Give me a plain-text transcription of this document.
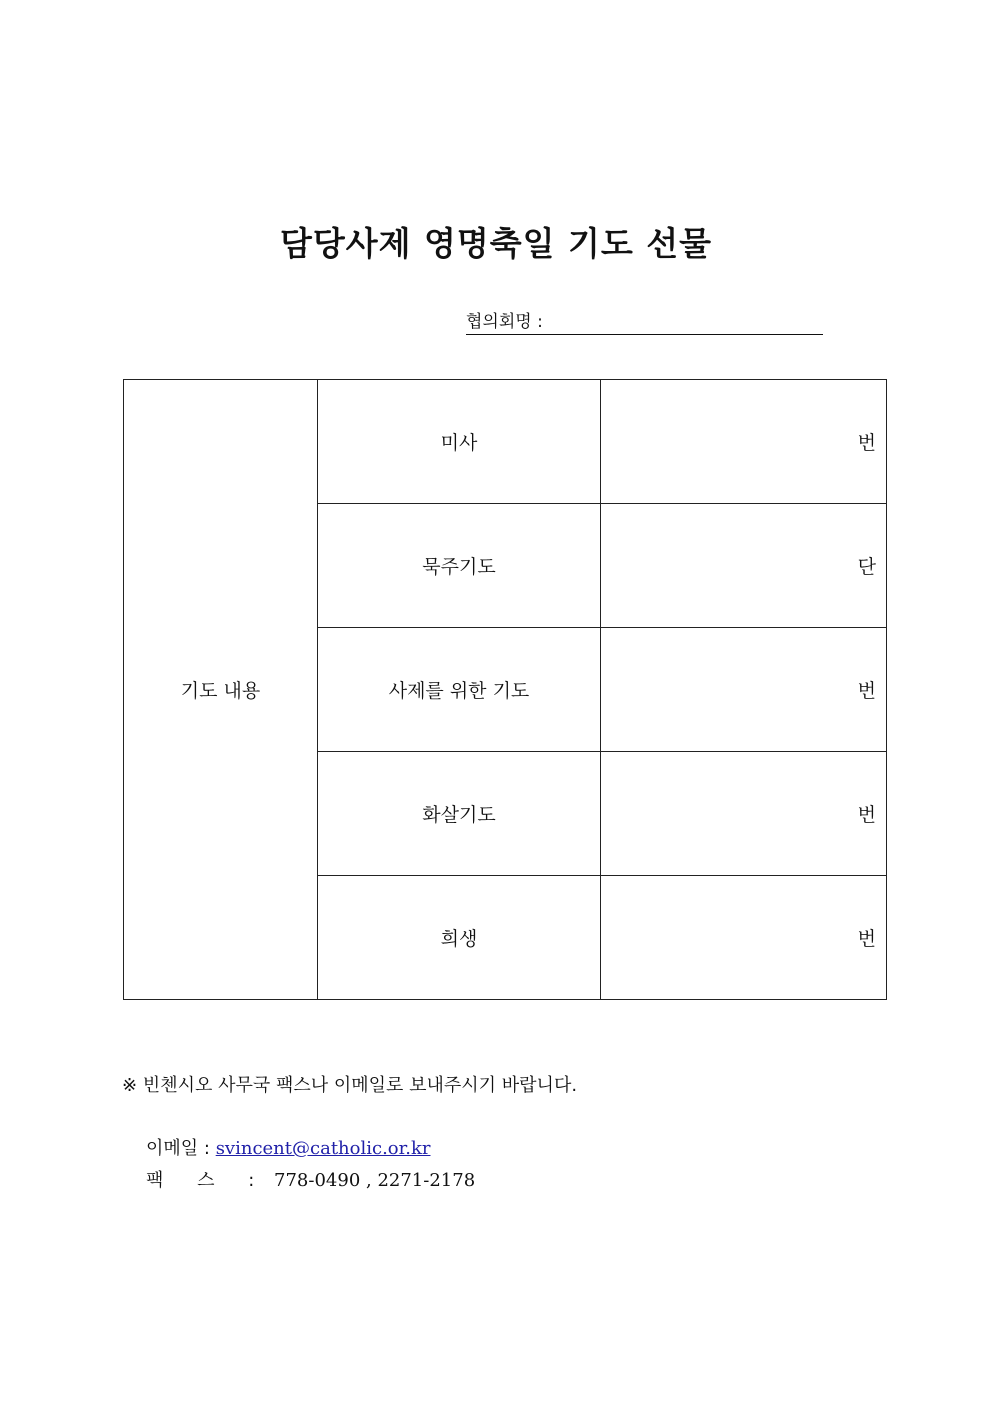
담당사제 영명축일 기도 선물
협의회명 :
기도 내용	미사	번
	묵주기도	단
	사제를 위한 기도	번
	화살기도	번
	희생	번
※ 빈첸시오 사무국 팩스나 이메일로 보내주시기 바랍니다.
이메일 : svincent@catholic.or.kr
팩 스 : 778-0490 , 2271-2178
